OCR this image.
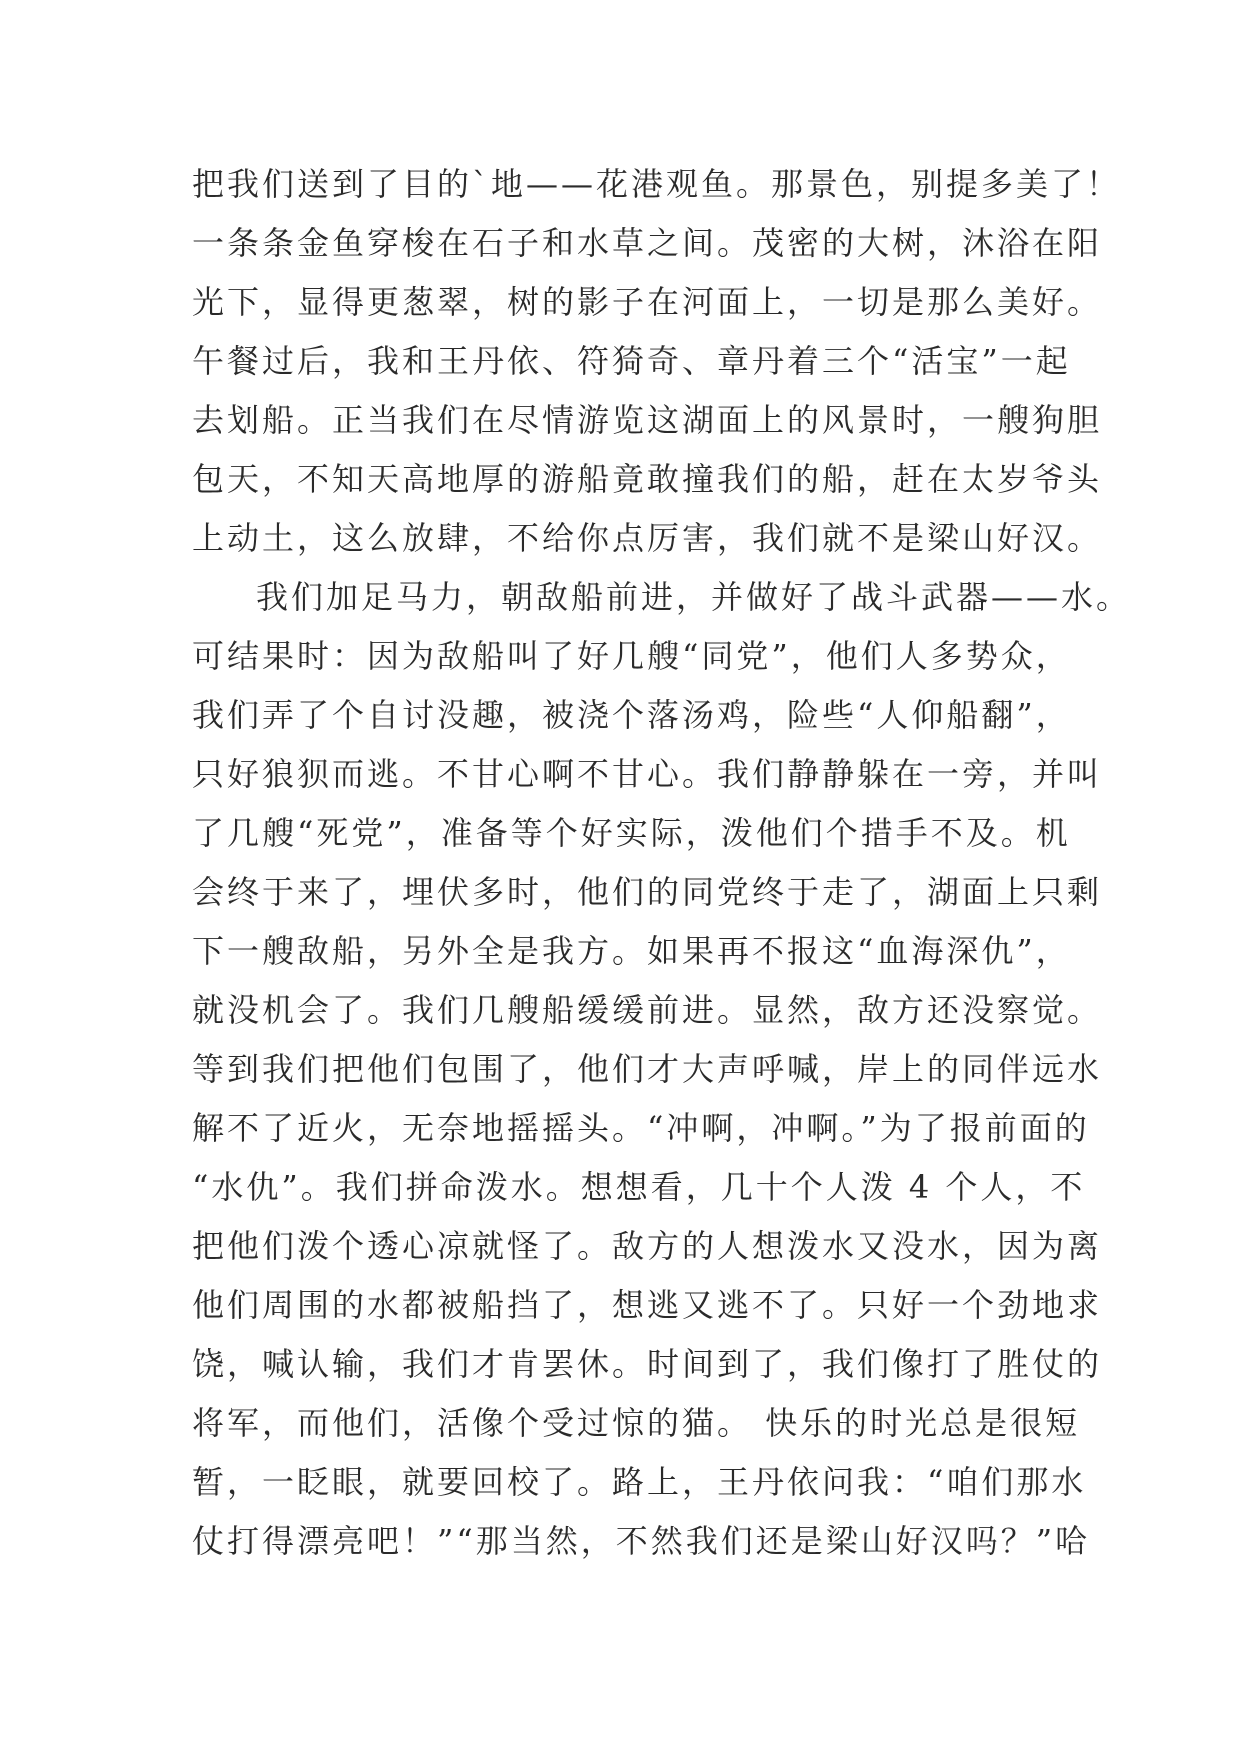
把我们送到了目的`地——花港观鱼。那景色，别提多美了！
一条条金鱼穿梭在石子和水草之间。茂密的大树，沐浴在阳
光下，显得更葱翠，树的影子在河面上，一切是那么美好。
午餐过后，我和王丹依、符猗奇、章丹着三个“活宝”一起
去划船。正当我们在尽情游览这湖面上的风景时，一艘狗胆
包天，不知天高地厚的游船竟敢撞我们的船，赶在太岁爷头
上动土，这么放肆，不给你点厉害，我们就不是梁山好汉。
我们加足马力，朝敌船前进，并做好了战斗武器——水。
可结果时：因为敌船叫了好几艘“同党”，他们人多势众，
我们弄了个自讨没趣，被浇个落汤鸡，险些“人仰船翻”，
只好狼狈而逃。不甘心啊不甘心。我们静静躲在一旁，并叫
了几艘“死党”，准备等个好实际，泼他们个措手不及。机
会终于来了，埋伏多时，他们的同党终于走了，湖面上只剩
下一艘敌船，另外全是我方。如果再不报这“血海深仇”，
就没机会了。我们几艘船缓缓前进。显然，敌方还没察觉。
等到我们把他们包围了，他们才大声呼喊，岸上的同伴远水
解不了近火，无奈地摇摇头。“冲啊，冲啊。”为了报前面的
“水仇”。我们拼命泼水。想想看，几十个人泼 4 个人，不
把他们泼个透心凉就怪了。敌方的人想泼水又没水，因为离
他们周围的水都被船挡了，想逃又逃不了。只好一个劲地求
饶，喊认输，我们才肯罢休。时间到了，我们像打了胜仗的
将军，而他们，活像个受过惊的猫。 快乐的时光总是很短
暂，一眨眼，就要回校了。路上，王丹依问我：“咱们那水
仗打得漂亮吧！”“那当然，不然我们还是梁山好汉吗？”哈
